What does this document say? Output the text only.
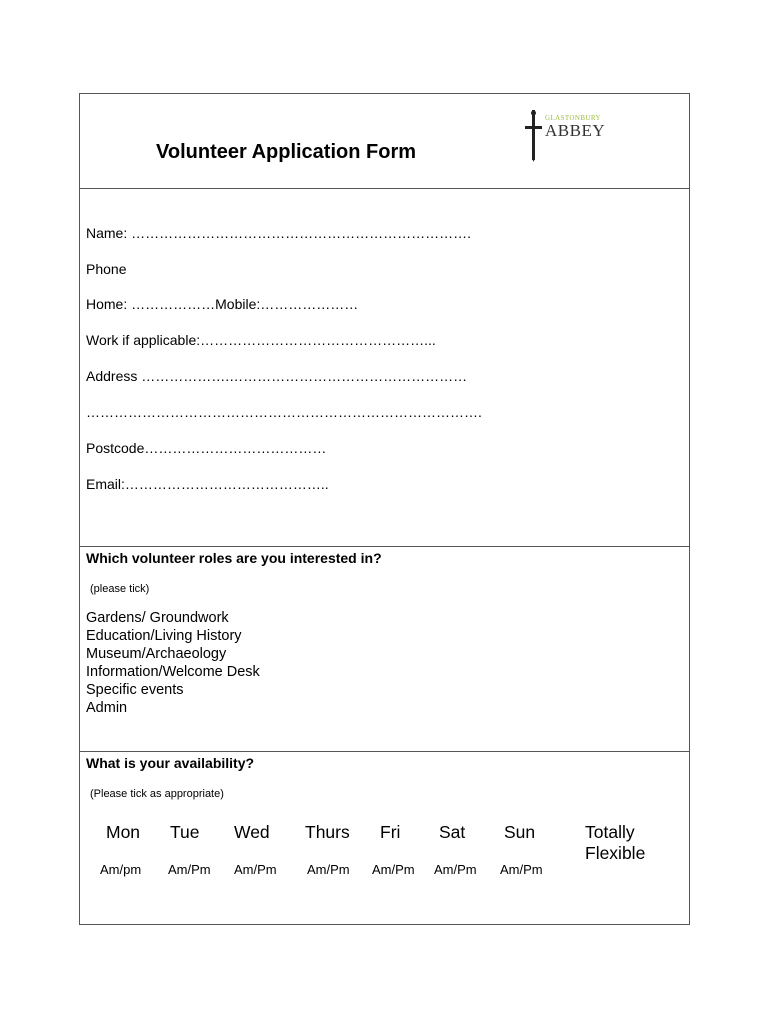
Volunteer Application Form
GLASTONBURY
ABBEY
Name: ……………………………………………………………….
Phone
Home: ………………Mobile:…………………
Work if applicable:…………………………………………...
Address ……………….……………………………………………
………………………………………………………………………….
Postcode…………………………………
Email:……………………………………..
Which volunteer roles are you interested in?
(please tick)
Gardens/ Groundwork
Education/Living History
Museum/Archaeology
Information/Welcome Desk
Specific events
Admin
What is your availability?
(Please tick as appropriate)
Mon Tue Wed Thurs Fri Sat Sun
Am/pm Am/Pm Am/Pm Am/Pm Am/Pm Am/Pm Am/Pm
Totally
Flexible
